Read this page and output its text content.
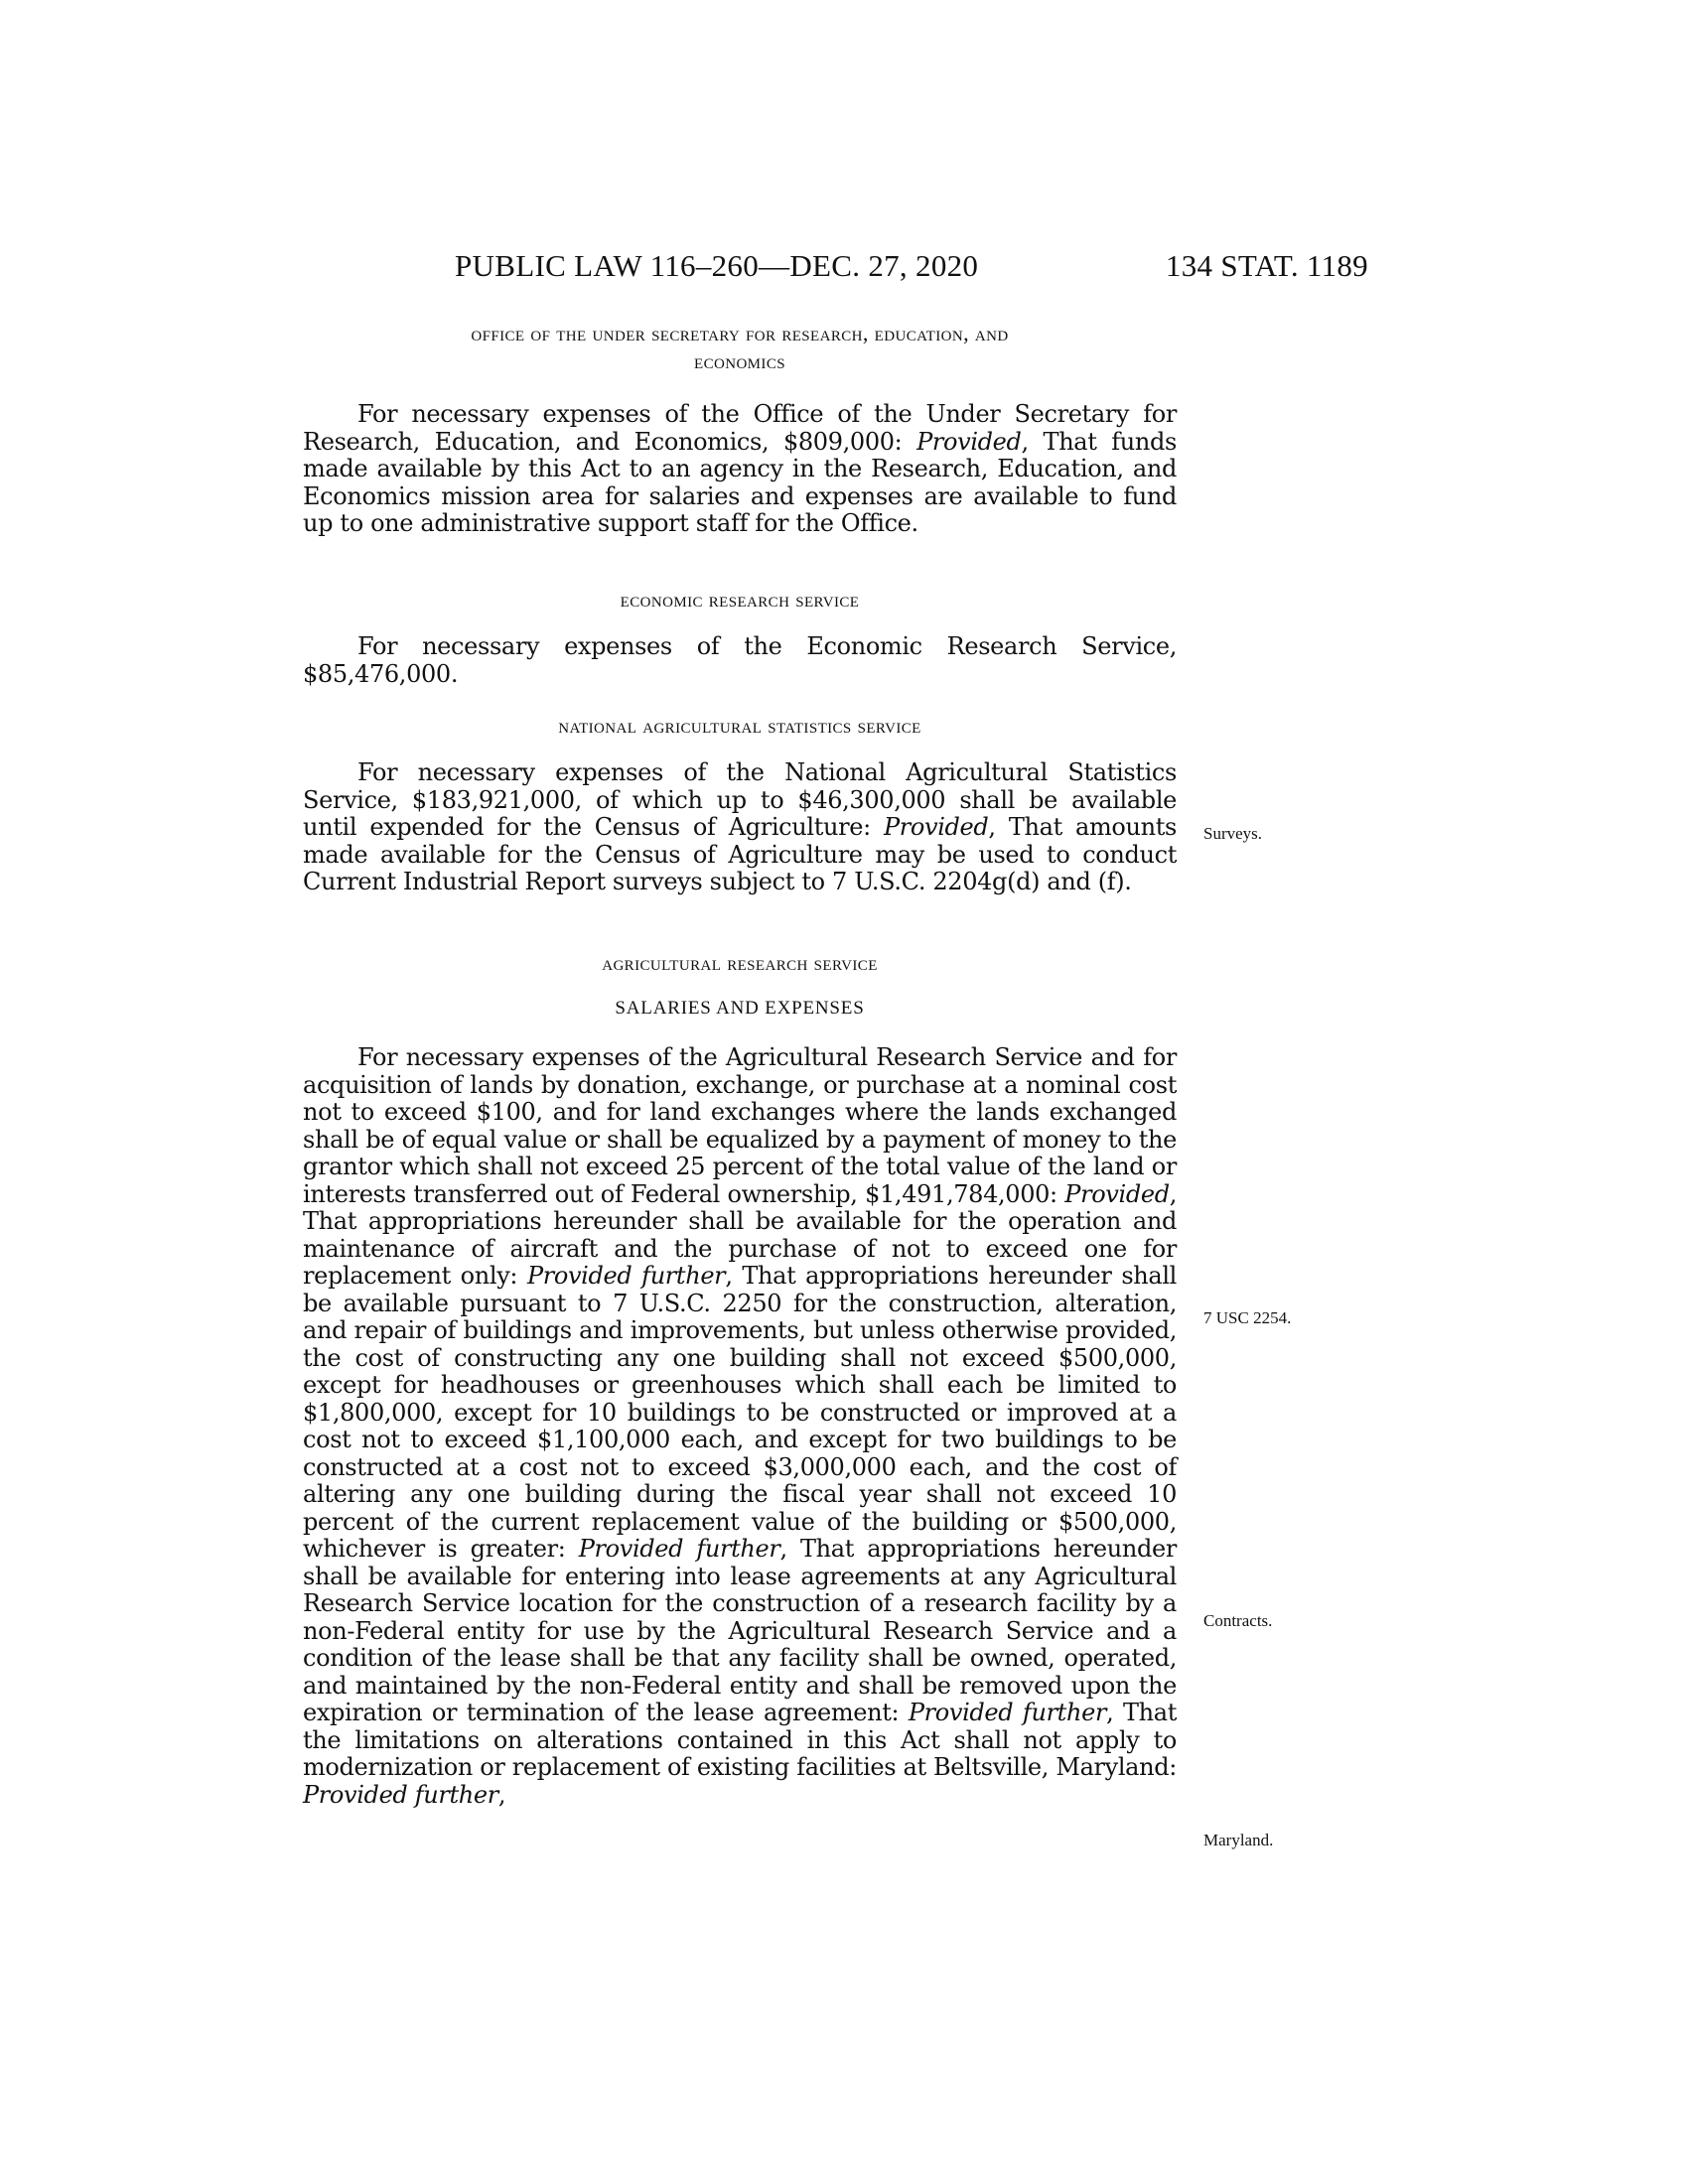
PUBLIC LAW 116–260—DEC. 27, 2020	134 STAT. 1189
office of the under secretary for research, education, and
economics

For necessary expenses of the Office of the Under Secretary for Research, Education, and Economics, $809,000: Provided, That funds made available by this Act to an agency in the Research, Education, and Economics mission area for salaries and expenses are available to fund up to one administrative support staff for the Office.

economic research service

For necessary expenses of the Economic Research Service, $85,476,000.

national agricultural statistics service

For necessary expenses of the National Agricultural Statistics Service, $183,921,000, of which up to $46,300,000 shall be available until expended for the Census of Agriculture: Provided, That amounts made available for the Census of Agriculture may be used to conduct Current Industrial Report surveys subject to 7 U.S.C. 2204g(d) and (f).

agricultural research service
SALARIES AND EXPENSES

For necessary expenses of the Agricultural Research Service and for acquisition of lands by donation, exchange, or purchase at a nominal cost not to exceed $100, and for land exchanges where the lands exchanged shall be of equal value or shall be equalized by a payment of money to the grantor which shall not exceed 25 percent of the total value of the land or interests transferred out of Federal ownership, $1,491,784,000: Provided, That appropriations hereunder shall be available for the operation and maintenance of aircraft and the purchase of not to exceed one for replacement only: Provided further, That appropriations hereunder shall be available pursuant to 7 U.S.C. 2250 for the construction, alteration, and repair of buildings and improvements, but unless otherwise provided, the cost of constructing any one building shall not exceed $500,000, except for headhouses or greenhouses which shall each be limited to $1,800,000, except for 10 buildings to be constructed or improved at a cost not to exceed $1,100,000 each, and except for two buildings to be constructed at a cost not to exceed $3,000,000 each, and the cost of altering any one building during the fiscal year shall not exceed 10 percent of the current replacement value of the building or $500,000, whichever is greater: Provided further, That appropriations hereunder shall be available for entering into lease agreements at any Agricultural Research Service location for the construction of a research facility by a non-Federal entity for use by the Agricultural Research Service and a condition of the lease shall be that any facility shall be owned, operated, and maintained by the non-Federal entity and shall be removed upon the expiration or termination of the lease agreement: Provided further, That the limitations on alterations contained in this Act shall not apply to modernization or replacement of existing facilities at Beltsville, Maryland: Provided further,

Surveys.
7 USC 2254.
Contracts.
Maryland.
